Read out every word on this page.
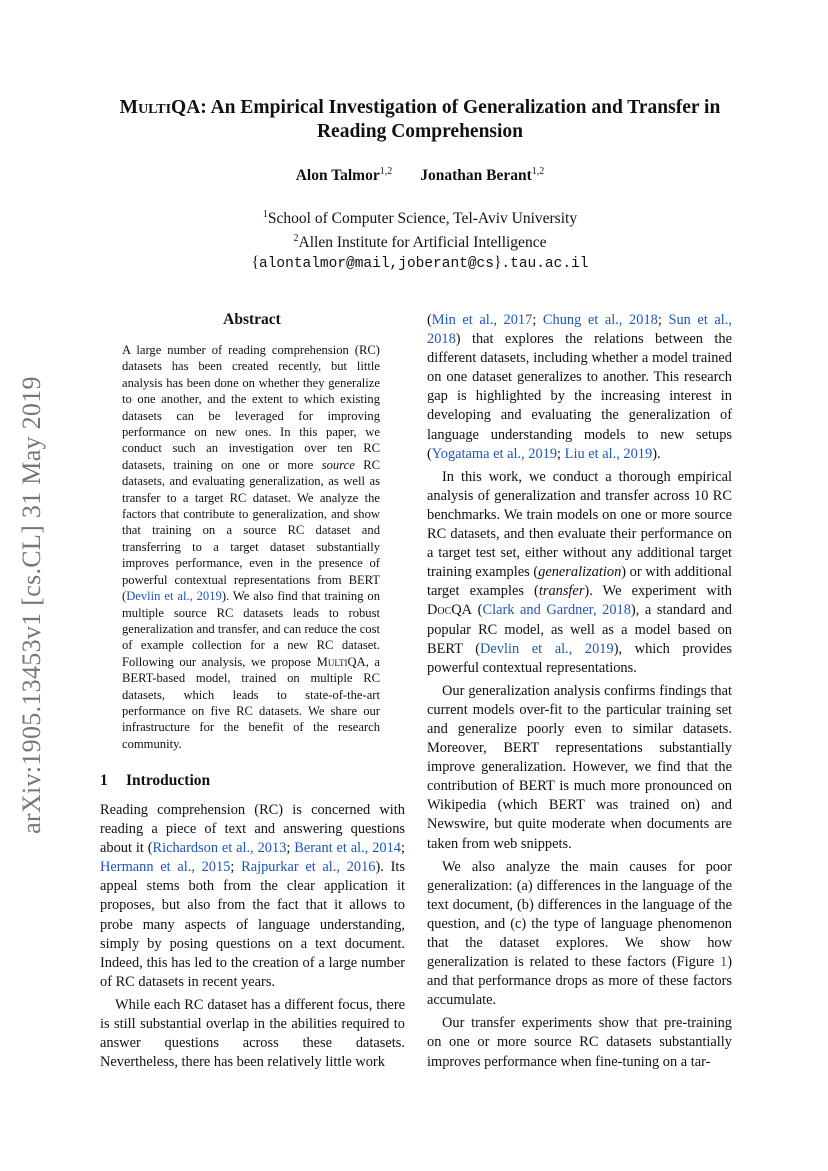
arXiv:1905.13453v1 [cs.CL] 31 May 2019
MultiQA: An Empirical Investigation of Generalization and Transfer in
Reading Comprehension
Alon Talmor$^{1,2}$ Jonathan Berant$^{1,2}$
$^1$School of Computer Science, Tel-Aviv University
$^2$Allen Institute for Artificial Intelligence
{alontalmor@mail,joberant@cs}.tau.ac.il
Abstract

A large number of reading comprehension (RC) datasets has been created recently, but little analysis has been done on whether they generalize to one another, and the extent to which existing datasets can be leveraged for improving performance on new ones. In this paper, we conduct such an investigation over ten RC datasets, training on one or more source RC datasets, and evaluating generalization, as well as transfer to a target RC dataset. We analyze the factors that contribute to generalization, and show that training on a source RC dataset and transferring to a target dataset substantially improves performance, even in the presence of powerful contextual representations from BERT (Devlin et al., 2019). We also find that training on multiple source RC datasets leads to robust generalization and transfer, and can reduce the cost of example collection for a new RC dataset. Following our analysis, we propose MultiQA, a BERT-based model, trained on multiple RC datasets, which leads to state-of-the-art performance on five RC datasets. We share our infrastructure for the benefit of the research community.

1 Introduction

Reading comprehension (RC) is concerned with reading a piece of text and answering questions about it (Richardson et al., 2013; Berant et al., 2014; Hermann et al., 2015; Rajpurkar et al., 2016). Its appeal stems both from the clear application it proposes, but also from the fact that it allows to probe many aspects of language understanding, simply by posing questions on a text document. Indeed, this has led to the creation of a large number of RC datasets in recent years.

While each RC dataset has a different focus, there is still substantial overlap in the abilities required to answer questions across these datasets. Nevertheless, there has been relatively little work

(Min et al., 2017; Chung et al., 2018; Sun et al., 2018) that explores the relations between the different datasets, including whether a model trained on one dataset generalizes to another. This research gap is highlighted by the increasing interest in developing and evaluating the generalization of language understanding models to new setups (Yogatama et al., 2019; Liu et al., 2019).

In this work, we conduct a thorough empirical analysis of generalization and transfer across 10 RC benchmarks. We train models on one or more source RC datasets, and then evaluate their performance on a target test set, either without any additional target training examples (generalization) or with additional target examples (transfer). We experiment with DocQA (Clark and Gardner, 2018), a standard and popular RC model, as well as a model based on BERT (Devlin et al., 2019), which provides powerful contextual representations.

Our generalization analysis confirms findings that current models over-fit to the particular training set and generalize poorly even to similar datasets. Moreover, BERT representations substantially improve generalization. However, we find that the contribution of BERT is much more pronounced on Wikipedia (which BERT was trained on) and Newswire, but quite moderate when documents are taken from web snippets.

We also analyze the main causes for poor generalization: (a) differences in the language of the text document, (b) differences in the language of the question, and (c) the type of language phenomenon that the dataset explores. We show how generalization is related to these factors (Figure 1) and that performance drops as more of these factors accumulate.

Our transfer experiments show that pre-training on one or more source RC datasets substantially improves performance when fine-tuning on a tar-
